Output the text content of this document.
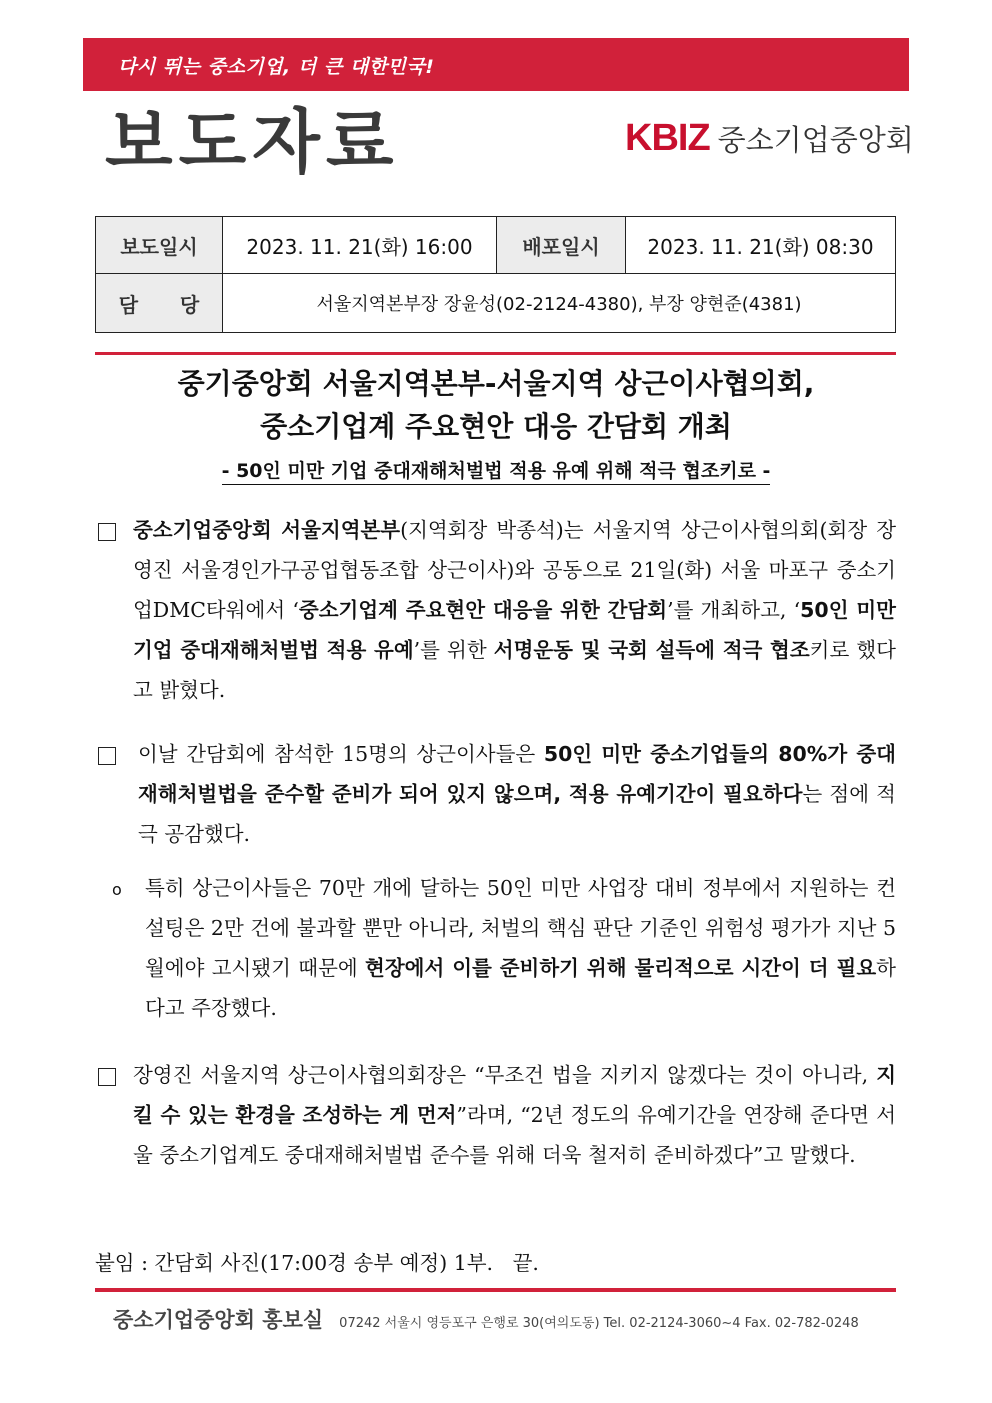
다시 뛰는 중소기업, 더 큰 대한민국!
보도자료	KBIZ 중소기업중앙회
보도일시	2023. 11. 21(화) 16:00	배포일시	2023. 11. 21(화) 08:30
담      당	서울지역본부장 장윤성(02-2124-4380), 부장 양현준(4381)		
중기중앙회 서울지역본부-서울지역 상근이사협의회,
중소기업계 주요현안 대응 간담회 개최
- 50인 미만 기업 중대재해처벌법 적용 유예 위해 적극 협조키로 -
중소기업중앙회 서울지역본부(지역회장 박종석)는 서울지역 상근이사협의회(회장 장영진 서울경인가구공업협동조합 상근이사)와 공동으로 21일(화) 서울 마포구 중소기업DMC타워에서 ‘중소기업계 주요현안 대응을 위한 간담회’를 개최하고, ‘50인 미만 기업 중대재해처벌법 적용 유예’를 위한 서명운동 및 국회 설득에 적극 협조키로 했다고 밝혔다.
이날 간담회에 참석한 15명의 상근이사들은 50인 미만 중소기업들의 80%가 중대재해처벌법을 준수할 준비가 되어 있지 않으며, 적용 유예기간이 필요하다는 점에 적극 공감했다.
o 특히 상근이사들은 70만 개에 달하는 50인 미만 사업장 대비 정부에서 지원하는 컨설팅은 2만 건에 불과할 뿐만 아니라, 처벌의 핵심 판단 기준인 위험성 평가가 지난 5월에야 고시됐기 때문에 현장에서 이를 준비하기 위해 물리적으로 시간이 더 필요하다고 주장했다.
장영진 서울지역 상근이사협의회장은 “무조건 법을 지키지 않겠다는 것이 아니라, 지킬 수 있는 환경을 조성하는 게 먼저”라며, “2년 정도의 유예기간을 연장해 준다면 서울 중소기업계도 중대재해처벌법 준수를 위해 더욱 철저히 준비하겠다”고 말했다.
붙임 : 간담회 사진(17:00경 송부 예정) 1부.   끝.
중소기업중앙회 홍보실 07242 서울시 영등포구 은행로 30(여의도동) Tel. 02-2124-3060~4 Fax. 02-782-0248
